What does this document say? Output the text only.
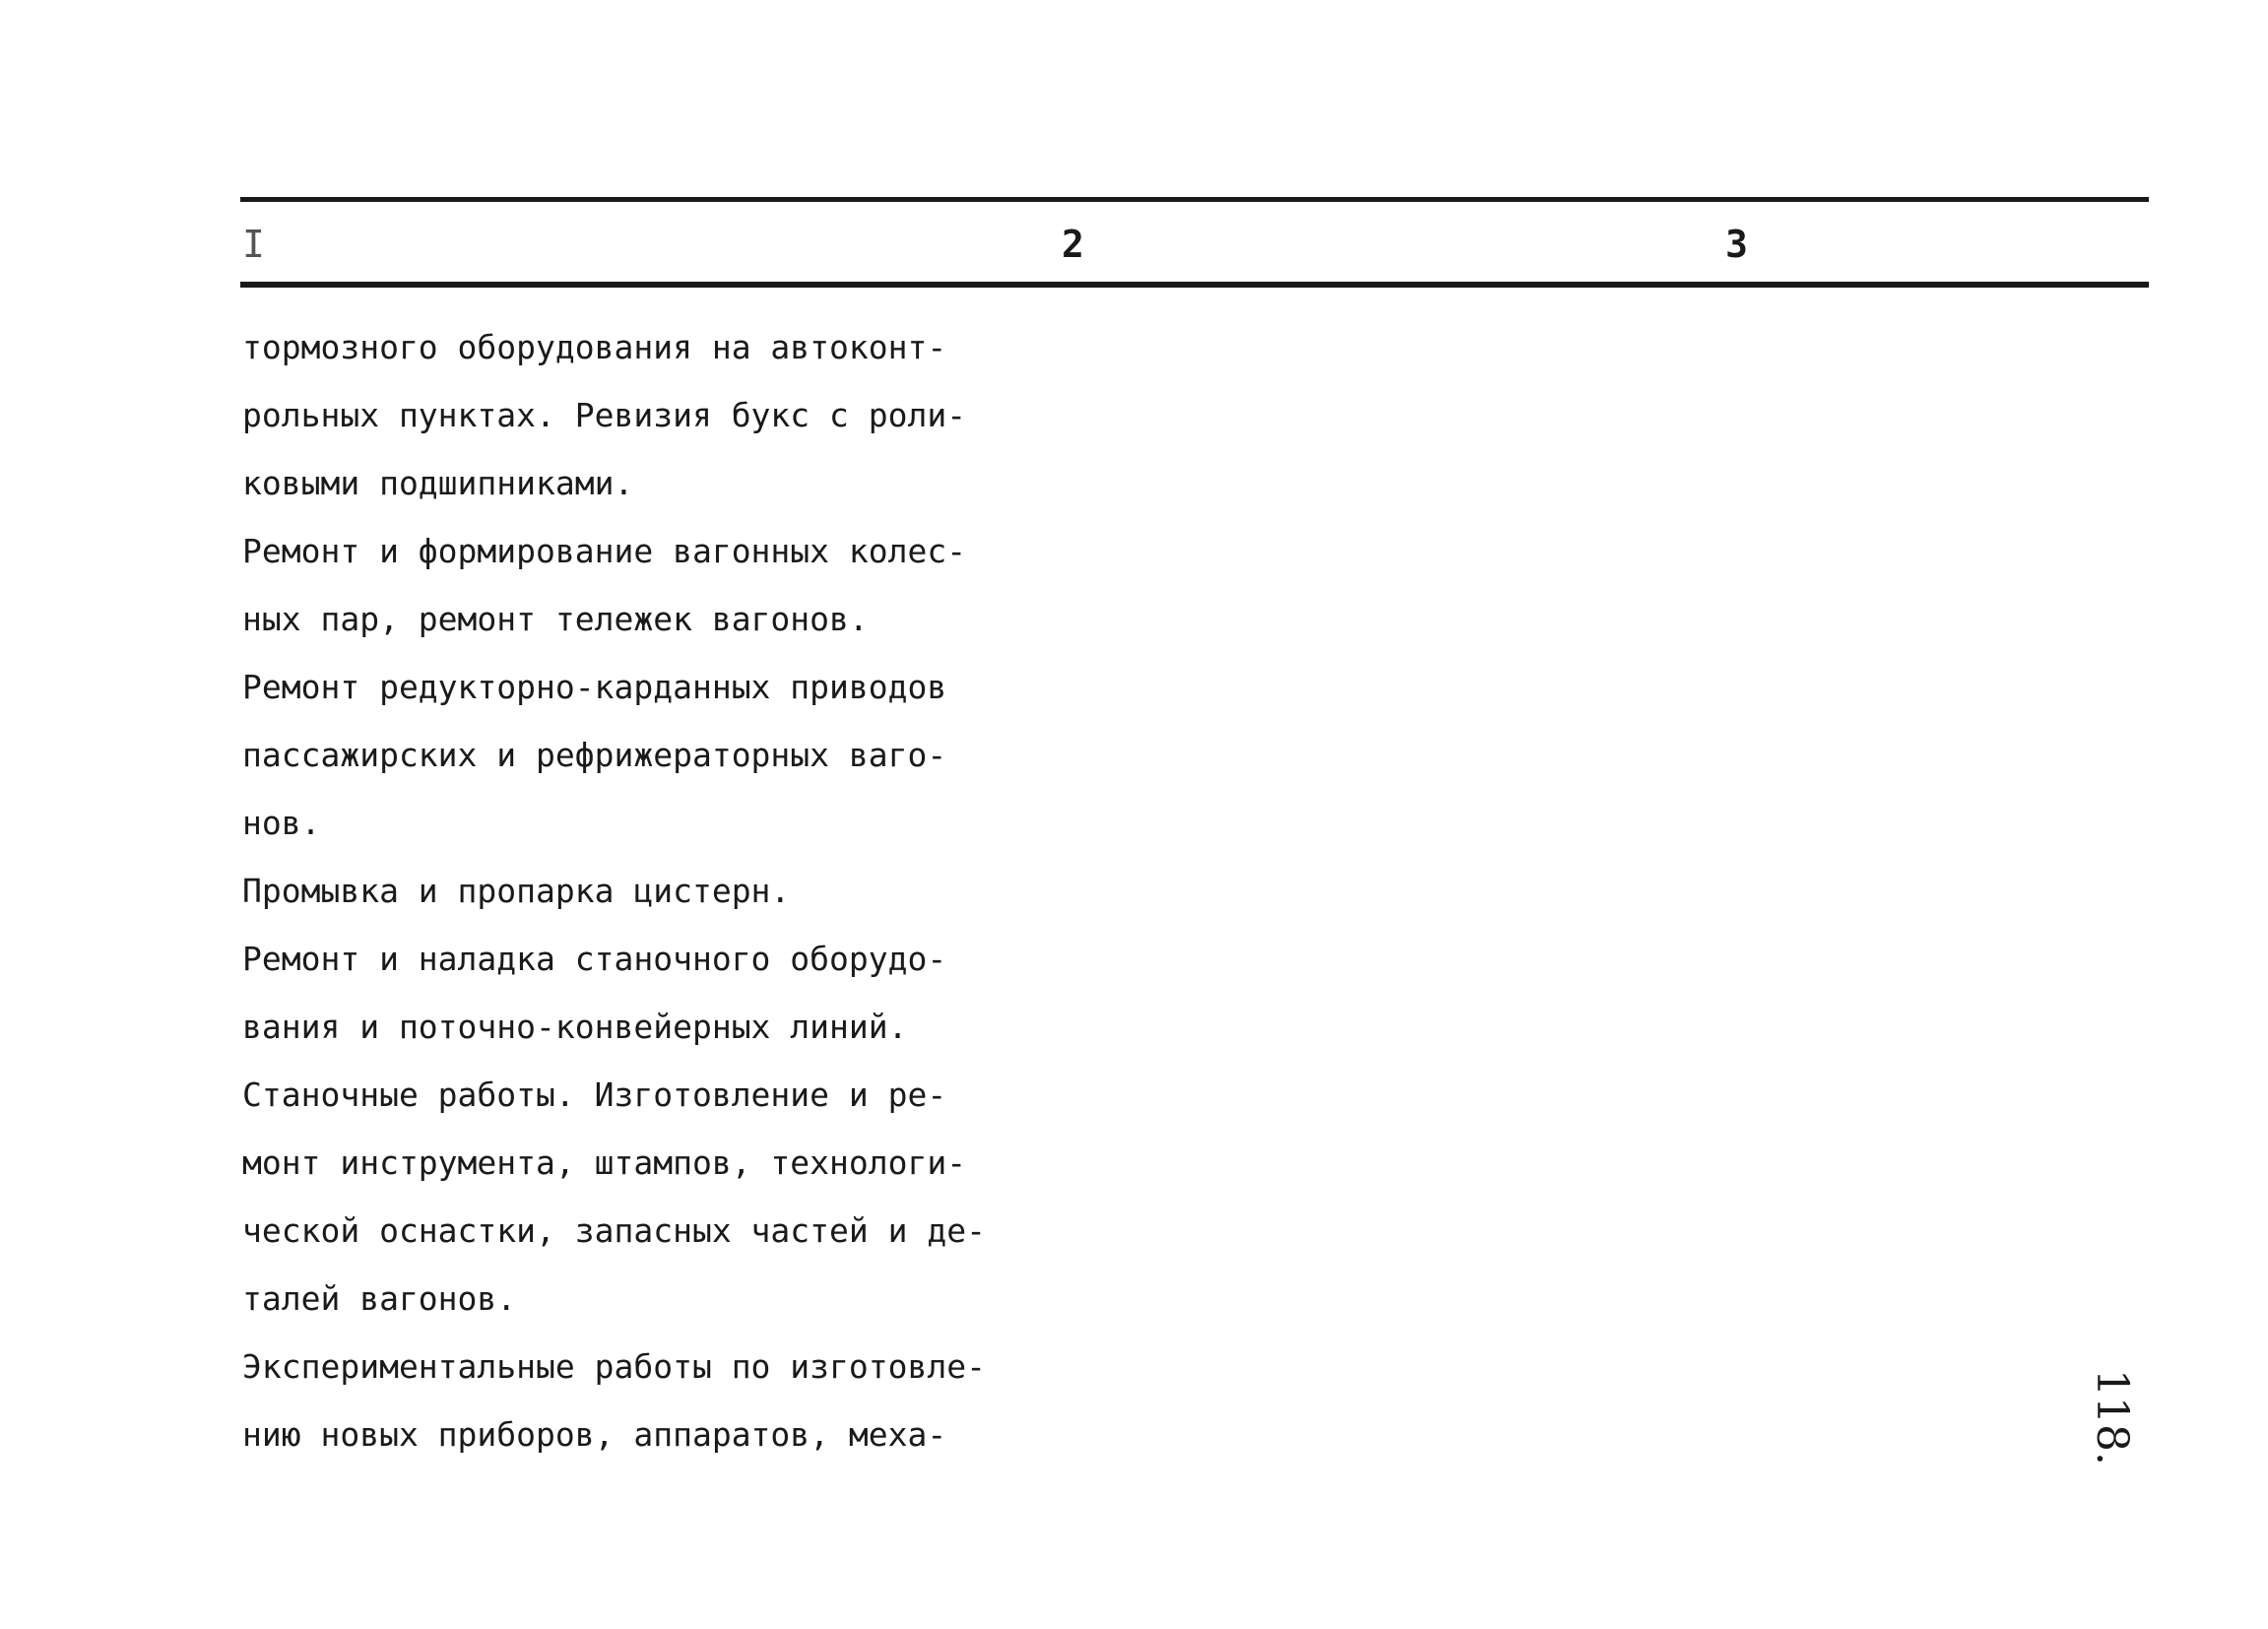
I	2	3
тормозного оборудования на автоконт-
рольных пунктах. Ревизия букс с роли-
ковыми подшипниками.
Ремонт и формирование вагонных колес-
ных пар, ремонт тележек вагонов.
Ремонт редукторно-карданных приводов
пассажирских и рефрижераторных ваго-
нов.
Промывка и пропарка цистерн.
Ремонт и наладка станочного оборудо-
вания и поточно-конвейерных линий.
Станочные работы. Изготовление и ре-
монт инструмента, штампов, технологи-
ческой оснастки, запасных частей и де-
талей вагонов.
Экспериментальные работы по изготовле-
нию новых приборов, аппаратов, меха-	118.
